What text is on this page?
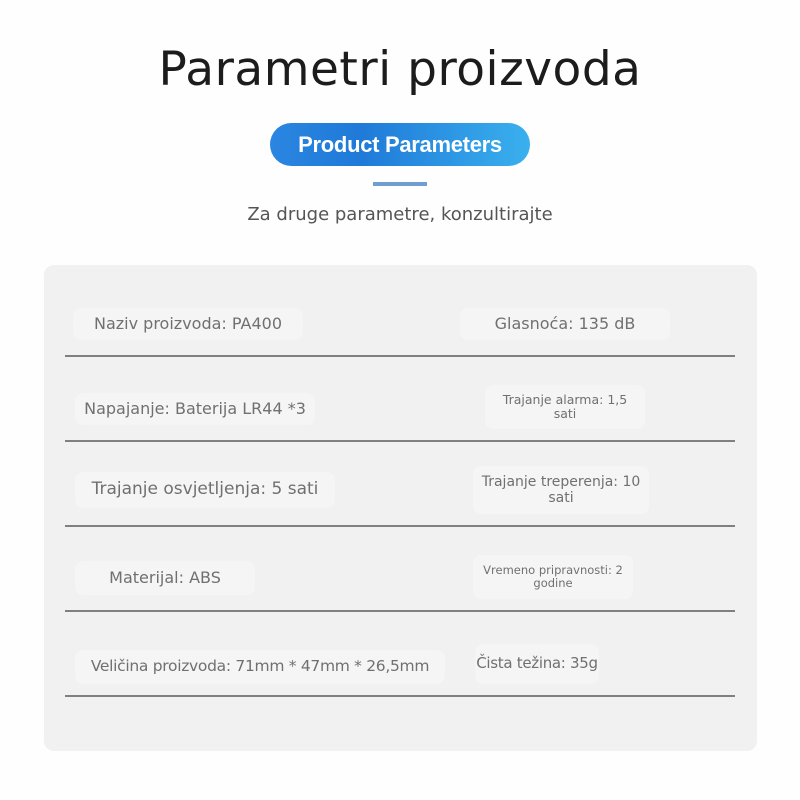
Parametri proizvoda
Product Parameters
Za druge parametre, konzultirajte
Naziv proizvoda: PA400	Glasnoća: 135 dB
Napajanje: Baterija LR44 *3	Trajanje alarma: 1,5 sati
Trajanje osvjetljenja: 5 sati	Trajanje treperenja: 10 sati
Materijal: ABS	Vremeno pripravnosti: 2 godine
Veličina proizvoda: 71mm * 47mm * 26,5mm	Čista težina: 35g
